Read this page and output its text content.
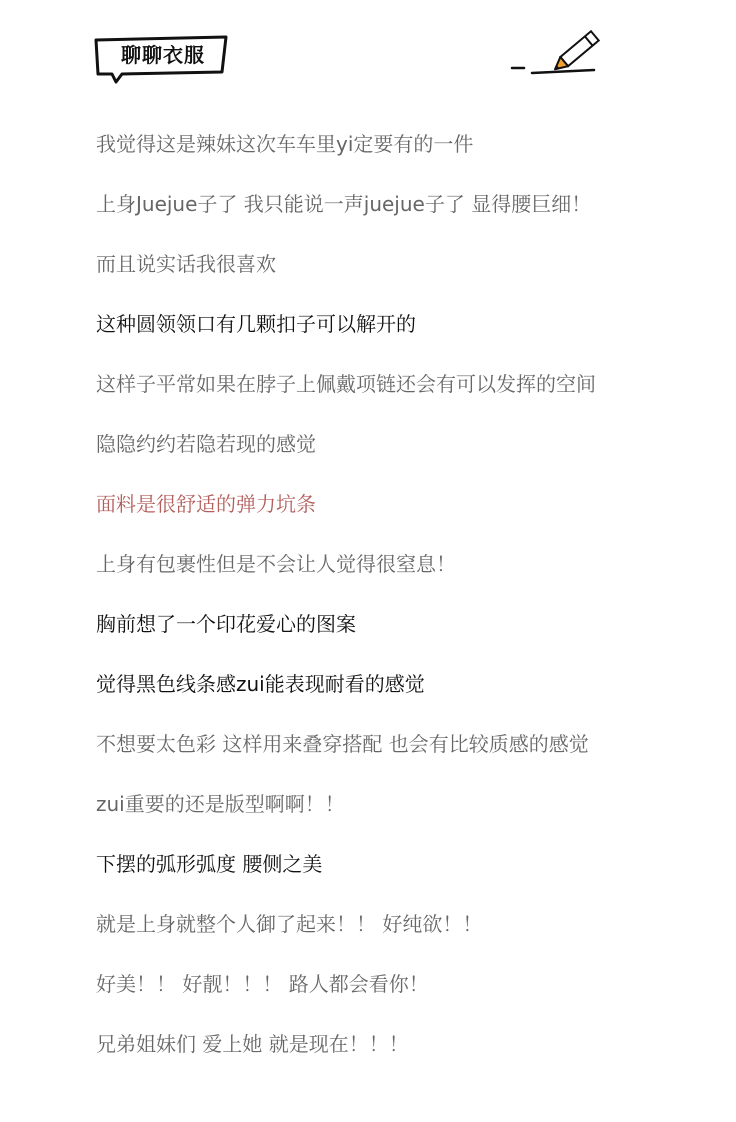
聊聊衣服
我觉得这是辣妹这次车车里yi定要有的一件
上身Juejue子了 我只能说一声juejue子了 显得腰巨细！
而且说实话我很喜欢
这种圆领领口有几颗扣子可以解开的
这样子平常如果在脖子上佩戴项链还会有可以发挥的空间
隐隐约约若隐若现的感觉
面料是很舒适的弹力坑条
上身有包裹性但是不会让人觉得很窒息！
胸前想了一个印花爱心的图案
觉得黑色线条感zui能表现耐看的感觉
不想要太色彩 这样用来叠穿搭配 也会有比较质感的感觉
zui重要的还是版型啊啊！！
下摆的弧形弧度 腰侧之美
就是上身就整个人御了起来！！ 好纯欲！！
好美！！ 好靓！！！ 路人都会看你！
兄弟姐妹们 爱上她 就是现在！！！
